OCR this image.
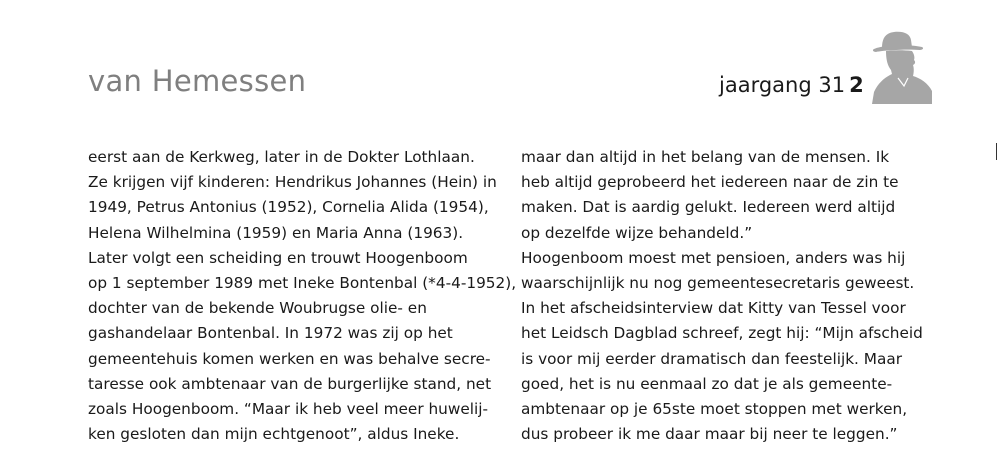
van Hemessen	jaargang 31 2
eerst aan de Kerkweg, later in de Dokter Lothlaan.
Ze krijgen vijf kinderen: Hendrikus Johannes (Hein) in
1949, Petrus Antonius (1952), Cornelia Alida (1954),
Helena Wilhelmina (1959) en Maria Anna (1963).
Later volgt een scheiding en trouwt Hoogenboom
op 1 september 1989 met Ineke Bontenbal (*4-4-1952),
dochter van de bekende Woubrugse olie- en
gashandelaar Bontenbal. In 1972 was zij op het
gemeentehuis komen werken en was behalve secre-
taresse ook ambtenaar van de burgerlijke stand, net
zoals Hoogenboom. “Maar ik heb veel meer huwelij-
ken gesloten dan mijn echtgenoot”, aldus Ineke.
maar dan altijd in het belang van de mensen. Ik
heb altijd geprobeerd het iedereen naar de zin te
maken. Dat is aardig gelukt. Iedereen werd altijd
op dezelfde wijze behandeld.”
Hoogenboom moest met pensioen, anders was hij
waarschijnlijk nu nog gemeentesecretaris geweest.
In het afscheidsinterview dat Kitty van Tessel voor
het Leidsch Dagblad schreef, zegt hij: “Mijn afscheid
is voor mij eerder dramatisch dan feestelijk. Maar
goed, het is nu eenmaal zo dat je als gemeente-
ambtenaar op je 65ste moet stoppen met werken,
dus probeer ik me daar maar bij neer te leggen.”
